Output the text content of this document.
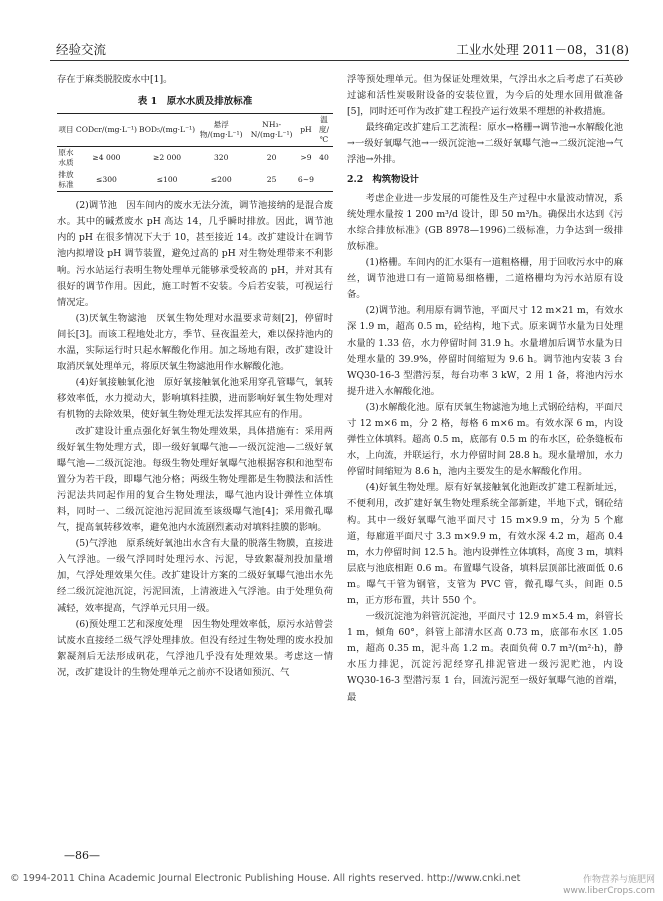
经验交流	工业水处理 2011－08，31(8)

存在于麻类脱胶废水中[1]。

表 1　原水水质及排放标准
项目	CODcr/(mg·L⁻¹)	BOD₅/(mg·L⁻¹)	悬浮物/(mg·L⁻¹)	NH₃-N/(mg·L⁻¹)	pH	温度/℃
原水水质	≥4 000	≥2 000	320	20	>9	40
排放标准	≤300	≤100	≤200	25	6~9	

(2)调节池　因车间内的废水无法分流，调节池接纳的是混合废水。其中的碱煮废水 pH 高达 14，几乎瞬时排放。因此，调节池内的 pH 在很多情况下大于 10，甚至接近 14。改扩建设计在调节池内拟增设 pH 调节装置，避免过高的 pH 对生物处理带来不利影响。污水站运行表明生物处理单元能够承受较高的 pH，并对其有很好的调节作用。因此，施工时暂不安装。今后若安装，可视运行情况定。

(3)厌氧生物滤池　厌氧生物处理对水温要求苛刻[2]，停留时间长[3]。而该工程地处北方，季节、昼夜温差大，难以保持池内的水温，实际运行时只起水解酸化作用。加之场地有限，改扩建设计取消厌氧处理单元，将原厌氧生物滤池用作水解酸化池。

(4)好氧接触氧化池　原好氧接触氧化池采用穿孔管曝气，氧转移效率低，水力搅动大，影响填料挂膜，进而影响好氧生物处理对有机物的去除效果，使好氧生物处理无法发挥其应有的作用。

改扩建设计重点强化好氧生物处理效果，具体措施有：采用两级好氧生物处理方式，即一级好氧曝气池—一级沉淀池—二级好氧曝气池—二级沉淀池。每级生物处理好氧曝气池根据容积和池型布置分为若干段，即曝气池分格；两级生物处理都是生物膜法和活性污泥法共同起作用的复合生物处理法，曝气池内设计弹性立体填料，同时一、二级沉淀池污泥回流至该级曝气池[4]；采用微孔曝气，提高氧转移效率，避免池内水流剧烈紊动对填料挂膜的影响。

(5)气浮池　原系统好氧池出水含有大量的脱落生物膜，直接进入气浮池。一级气浮同时处理污水、污泥，导致絮凝剂投加量增加，气浮处理效果欠佳。改扩建设计方案的二级好氧曝气池出水先经二级沉淀池沉淀，污泥回流，上清液进入气浮池。由于处理负荷减轻，效率提高，气浮单元只用一级。

(6)预处理工艺和深度处理　因生物处理效率低，原污水站曾尝试废水直接经二级气浮处理排放。但没有经过生物处理的废水投加絮凝剂后无法形成矾花，气浮池几乎没有处理效果。考虑这一情况，改扩建设计的生物处理单元之前亦不设诸如预沉、气

浮等预处理单元。但为保证处理效果，气浮出水之后考虑了石英砂过滤和活性炭吸附设备的安装位置，为今后的处理水回用做准备[5]，同时还可作为改扩建工程投产运行效果不理想的补救措施。

最终确定改扩建后工艺流程：原水→格栅→调节池→水解酸化池→一级好氧曝气池→一级沉淀池→二级好氧曝气池→二级沉淀池→气浮池→外排。

2.2　构筑物设计

考虑企业进一步发展的可能性及生产过程中水量波动情况，系统处理水量按 1 200 m³/d 设计，即 50 m³/h。确保出水达到《污水综合排放标准》(GB 8978—1996)二级标准，力争达到一级排放标准。

(1)格栅。车间内的汇水渠有一道粗格栅，用于回收污水中的麻丝，调节池进口有一道简易细格栅，二道格栅均为污水站原有设备。

(2)调节池。利用原有调节池，平面尺寸 12 m×21 m，有效水深 1.9 m，超高 0.5 m，砼结构，地下式。原来调节水量为日处理水量的 1.33 倍，水力停留时间 31.9 h。水量增加后调节水量为日处理水量的 39.9%，停留时间缩短为 9.6 h。调节池内安装 3 台 WQ30-16-3 型潜污泵，每台功率 3 kW，2 用 1 备，将池内污水提升进入水解酸化池。

(3)水解酸化池。原有厌氧生物滤池为地上式钢砼结构，平面尺寸 12 m×6 m，分 2 格，每格 6 m×6 m。有效水深 6 m，内设弹性立体填料。超高 0.5 m，底部有 0.5 m 的布水区，砼条缝板布水，上向流，并联运行，水力停留时间 28.8 h。现水量增加，水力停留时间缩短为 8.6 h，池内主要发生的是水解酸化作用。

(4)好氧生物处理。原有好氧接触氧化池距改扩建工程新址远，不便利用，改扩建好氧生物处理系统全部新建，半地下式，钢砼结构。其中一级好氧曝气池平面尺寸 15 m×9.9 m，分为 5 个廊道，每廊道平面尺寸 3.3 m×9.9 m，有效水深 4.2 m，超高 0.4 m，水力停留时间 12.5 h。池内设弹性立体填料，高度 3 m，填料层底与池底相距 0.6 m。布置曝气设备，填料层顶部比液面低 0.6 m。曝气干管为钢管，支管为 PVC 管，微孔曝气头，间距 0.5 m，正方形布置，共计 550 个。

一级沉淀池为斜管沉淀池，平面尺寸 12.9 m×5.4 m，斜管长 1 m，倾角 60°，斜管上部清水区高 0.73 m，底部布水区 1.05 m，超高 0.35 m，泥斗高 1.2 m。表面负荷 0.7 m³/(m²·h)，静水压力排泥，沉淀污泥经穿孔排泥管进一级污泥贮池，内设 WQ30-16-3 型潜污泵 1 台，回流污泥至一级好氧曝气池的首端，最

—86—
© 1994-2011 China Academic Journal Electronic Publishing House. All rights reserved. http://www.cnki.net	作物营养与施肥网
www.liberCrops.com
